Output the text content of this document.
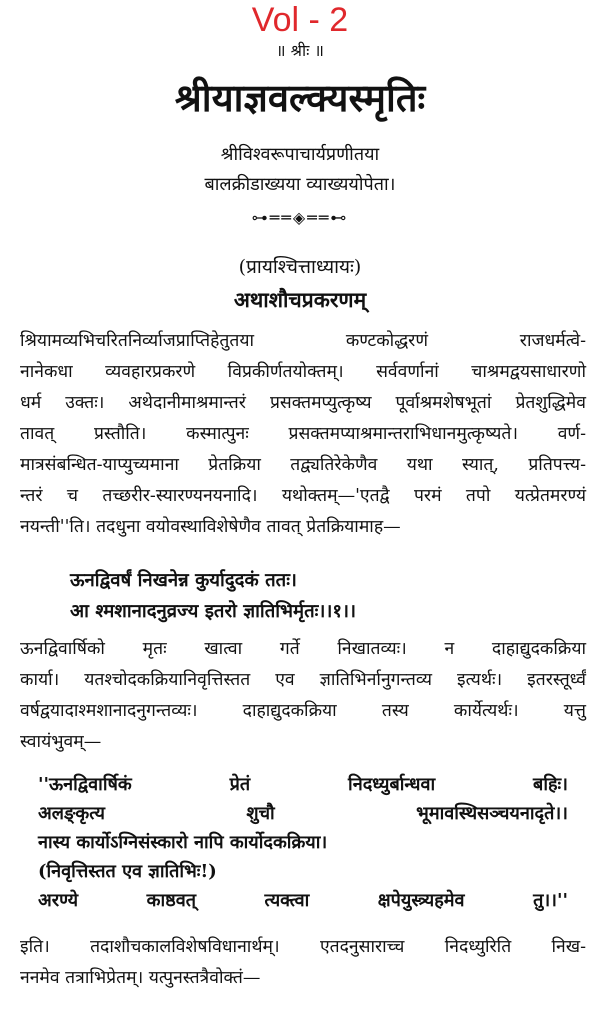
Vol - 2
॥ श्रीः ॥
श्रीयाज्ञवल्क्यस्मृतिः
श्रीविश्वरूपाचार्यप्रणीतया
बालक्रीडाख्यया व्याख्ययोपेता।
⊶══◈══⊷
(प्रायश्चित्ताध्यायः)
अथाशौचप्रकरणम्
श्रियामव्यभिचरितनिर्व्याजप्राप्तिहेतुतया कण्टकोद्धरणं राजधर्मत्वे-
नानेकधा व्यवहारप्रकरणे विप्रकीर्णतयोक्तम्। सर्ववर्णानां चाश्रमद्वयसाधारणो
धर्म उक्तः। अथेदानीमाश्रमान्तरं प्रसक्तमप्युत्कृष्य पूर्वाश्रमशेषभूतां प्रेतशुद्धिमेव
तावत् प्रस्तौति। कस्मात्पुनः प्रसक्तमप्याश्रमान्तराभिधानमुत्कृष्यते। वर्ण-
मात्रसंबन्धित-याप्युच्यमाना प्रेतक्रिया तद्व्यतिरेकेणैव यथा स्यात्, प्रतिपत्त्य-
न्तरं च तच्छरीर-स्यारण्यनयनादि। यथोक्तम्—'एतद्वै परमं तपो यत्प्रेतमरण्यं
नयन्ती''ति। तदधुना वयोवस्थाविशेषेणैव तावत् प्रेतक्रियामाह—
ऊनद्विवर्षं निखनेन्न कुर्यादुदकं ततः।
आ श्मशानादनुव्रज्य इतरो ज्ञातिभिर्मृतः।।१।।
ऊनद्विवार्षिको मृतः खात्वा गर्ते निखातव्यः। न दाहाद्युदकक्रिया
कार्या। यतश्चोदकक्रियानिवृत्तिस्तत एव ज्ञातिभिर्नानुगन्तव्य इत्यर्थः। इतरस्तूर्ध्वं
वर्षद्वयादाश्मशानादनुगन्तव्यः। दाहाद्युदकक्रिया तस्य कार्येत्यर्थः। यत्तु
स्वायंभुवम्—
''ऊनद्विवार्षिकं प्रेतं निदध्युर्बान्धवा बहिः।
अलङ्कृत्य शुचौ भूमावस्थिसञ्चयनादृते।।
नास्य कार्योऽग्निसंस्कारो नापि कार्योदकक्रिया।
(निवृत्तिस्तत एव ज्ञातिभिः!)
अरण्ये काष्ठवत् त्यक्त्वा क्षपेयुस्त्र्यहमेव तु।।''
इति। तदाशौचकालविशेषविधानार्थम्। एतदनुसाराच्च निदध्युरिति निख-
ननमेव तत्राभिप्रेतम्। यत्पुनस्तत्रैवोक्तं—
